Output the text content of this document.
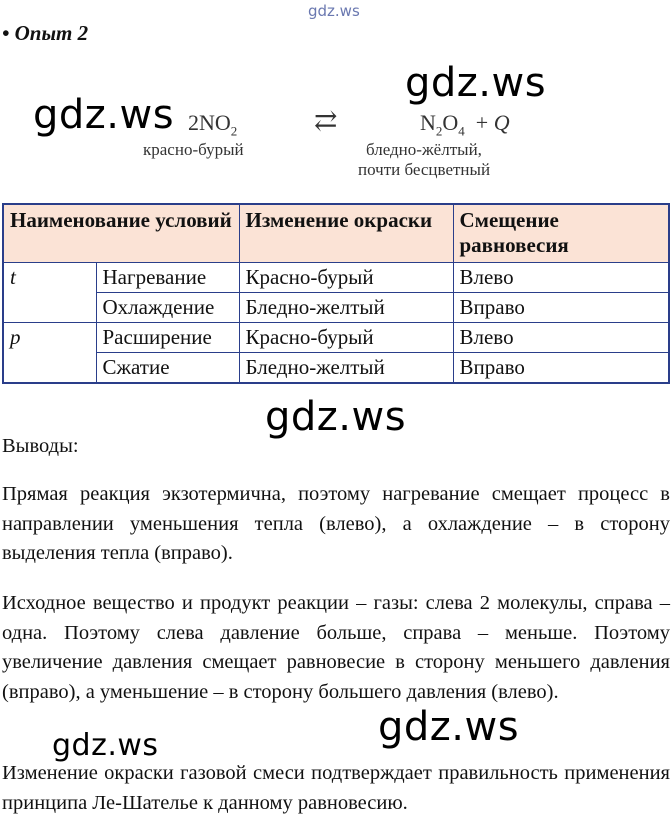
gdz.ws
• Опыт 2
gdz.ws
gdz.ws
$2NO_2$	⇄	$N_2O_4 + Q$
красно-бурый	бледно-жёлтый,
почти бесцветный
Наименование условий		Изменение окраски	Смещение равновесия
t	Нагревание	Красно-бурый	Влево
	Охлаждение	Бледно-желтый	Вправо
p	Расширение	Красно-бурый	Влево
	Сжатие	Бледно-желтый	Вправо
gdz.ws
Выводы:
Прямая реакция экзотермична, поэтому нагревание смещает процесс в направлении уменьшения тепла (влево), а охлаждение – в сторону выделения тепла (вправо).
Исходное вещество и продукт реакции – газы: слева 2 молекулы, справа – одна. Поэтому слева давление больше, справа – меньше. Поэтому увеличение давления смещает равновесие в сторону меньшего давления (вправо), а уменьшение – в сторону большего давления (влево).
Изменение окраски газовой смеси подтверждает правильность применения принципа Ле-Шателье к данному равновесию.
gdz.ws
gdz.ws
